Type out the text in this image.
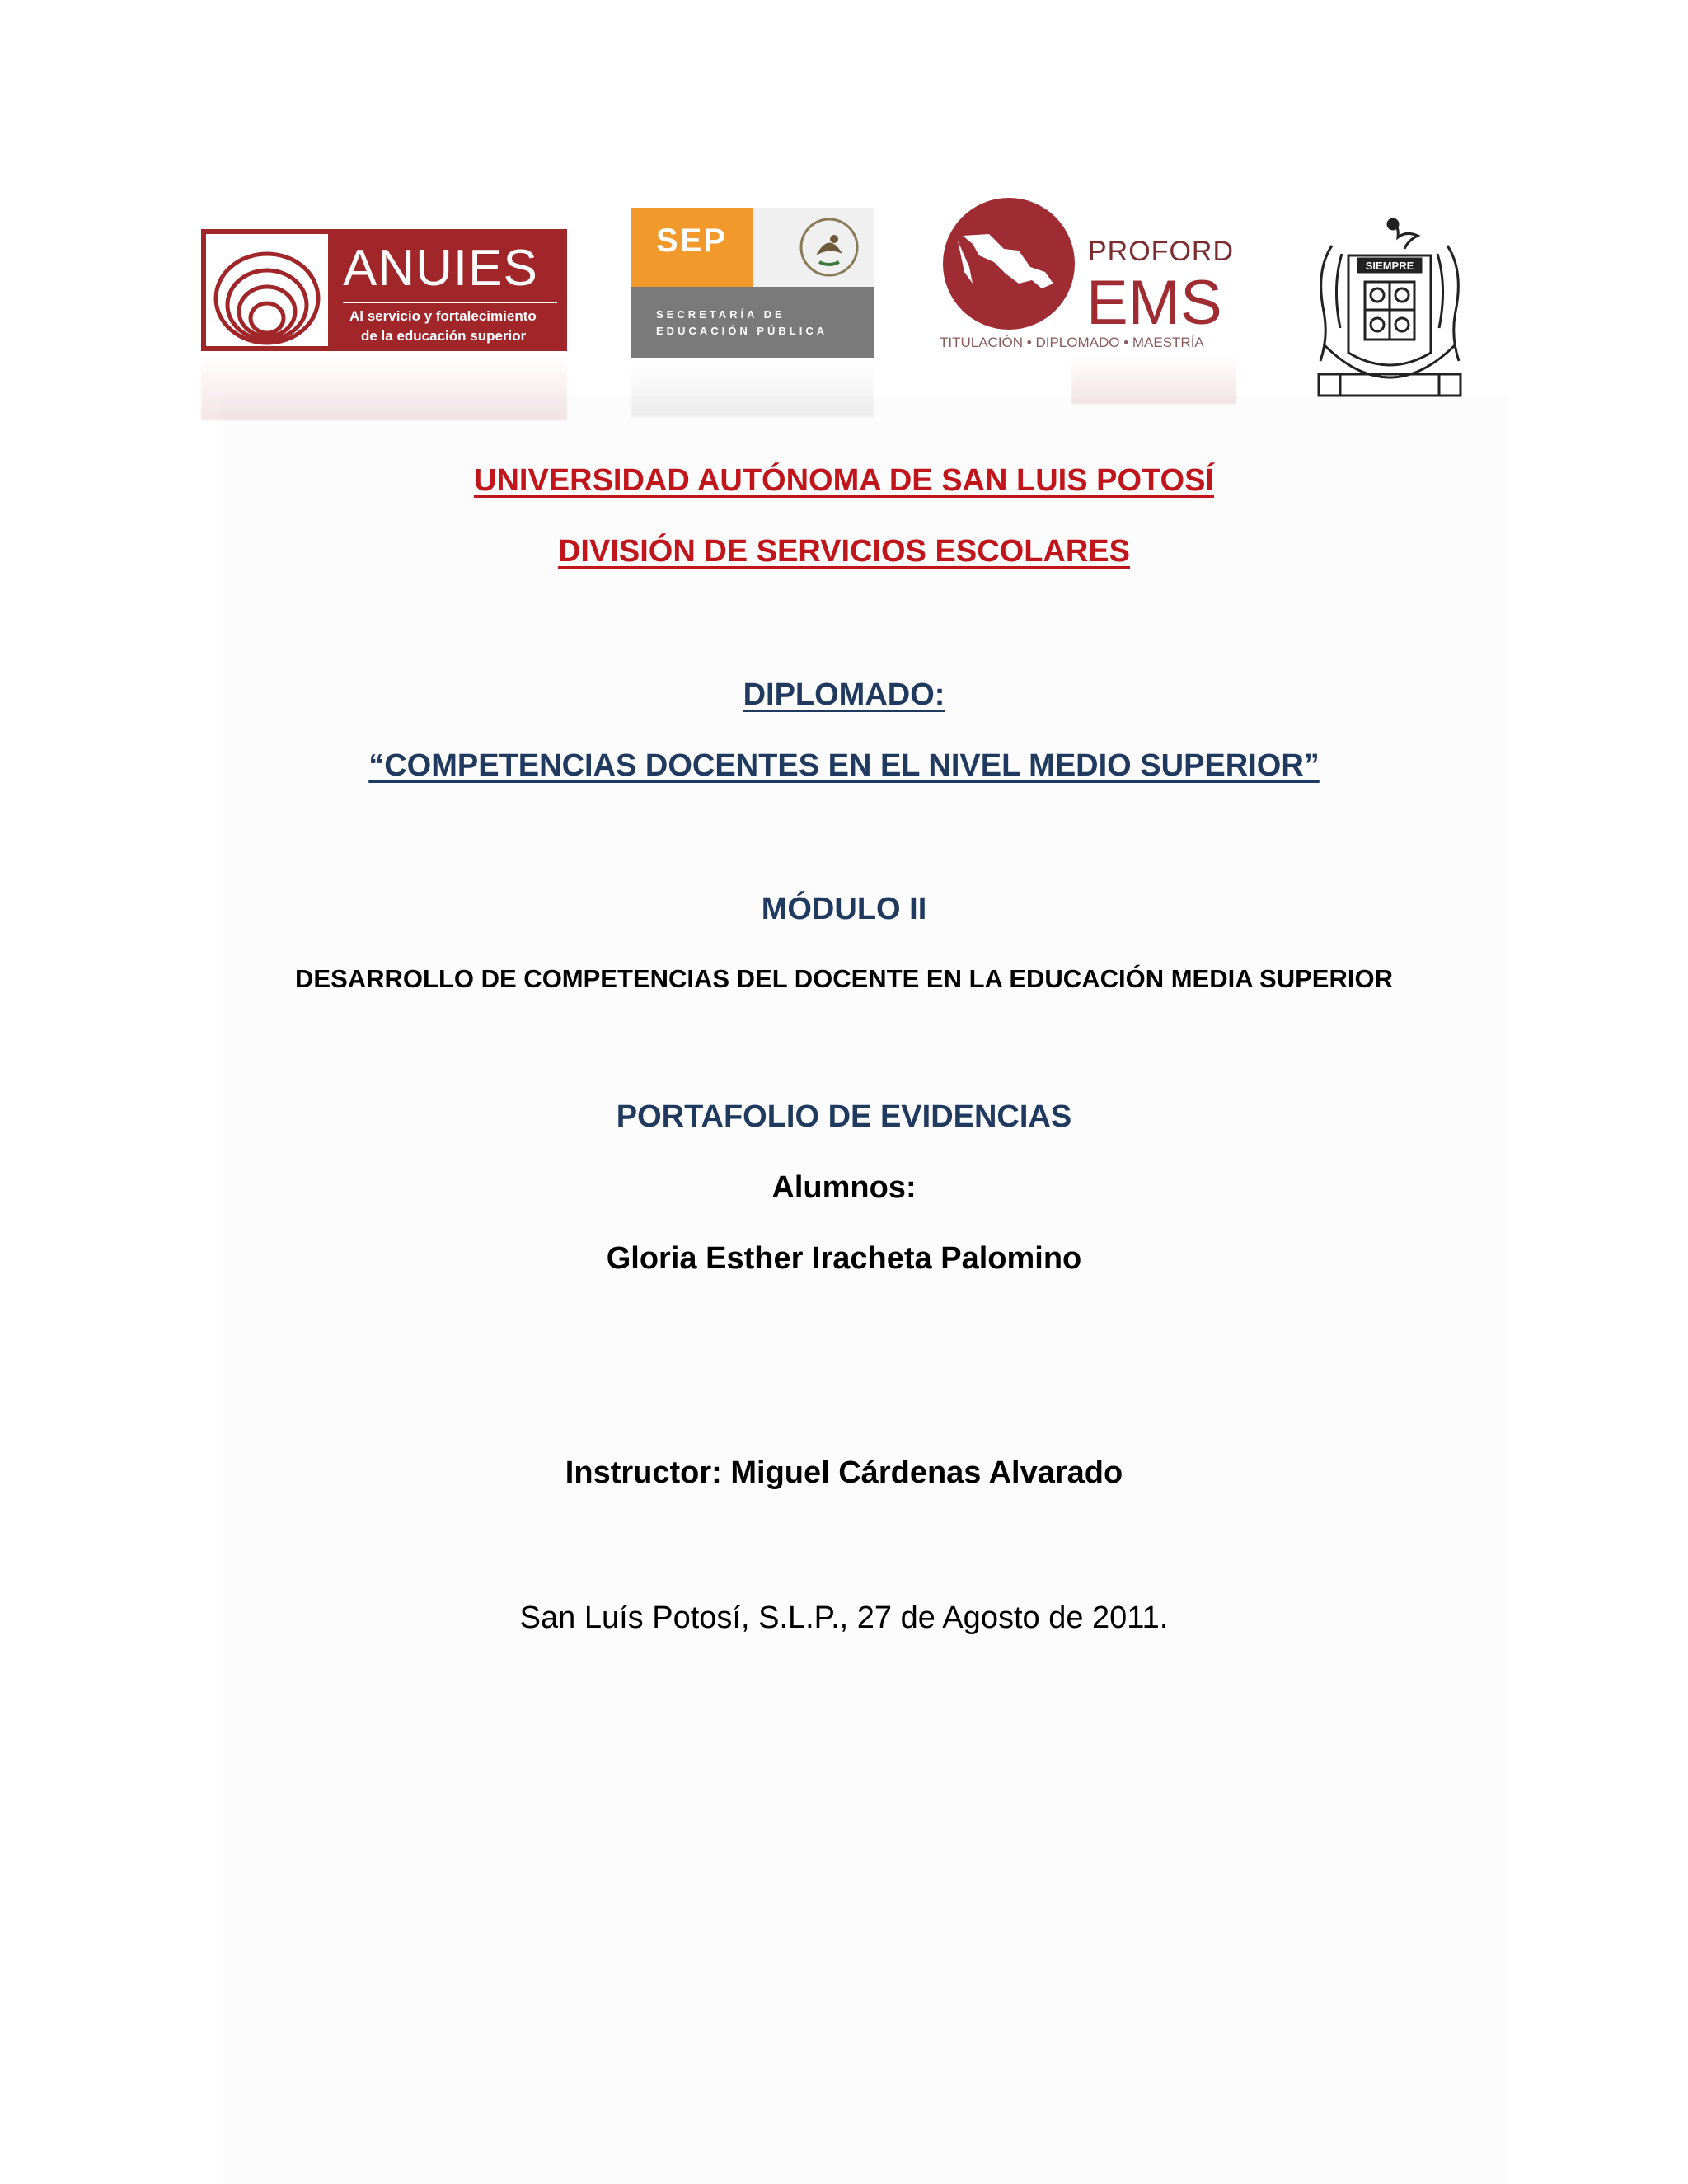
ANUIES
Al servicio y fortalecimiento
de la educación superior
SEP
SECRETARÍA DE
EDUCACIÓN PÚBLICA
PROFORD
EMS
TITULACIÓN • DIPLOMADO • MAESTRÍA
SIEMPRE
UNIVERSIDAD AUTÓNOMA DE SAN LUIS POTOSÍ
DIVISIÓN DE SERVICIOS ESCOLARES
DIPLOMADO:
“COMPETENCIAS DOCENTES EN EL NIVEL MEDIO SUPERIOR”
MÓDULO II
DESARROLLO DE COMPETENCIAS DEL DOCENTE EN LA EDUCACIÓN MEDIA SUPERIOR
PORTAFOLIO DE EVIDENCIAS
Alumnos:
Gloria Esther Iracheta Palomino
Instructor: Miguel Cárdenas Alvarado
San Luís Potosí, S.L.P., 27 de Agosto de 2011.
